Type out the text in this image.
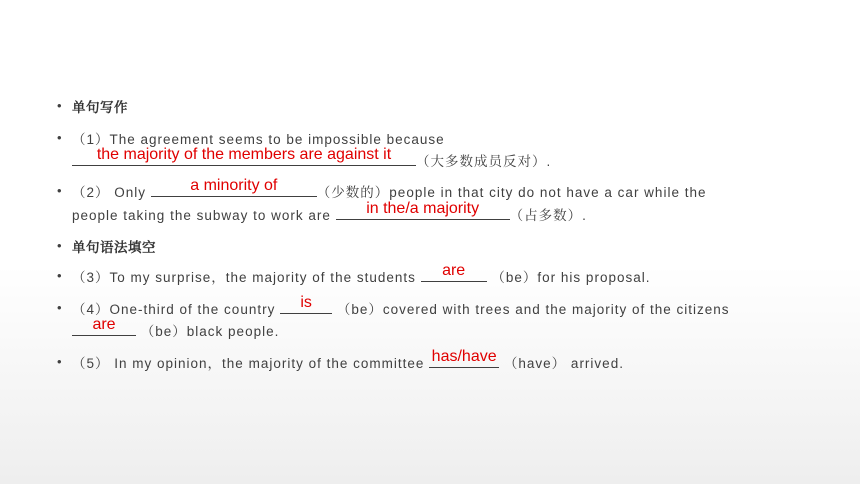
• 单句写作
• （1）The agreement seems to be impossible because
the majority of the members are against it	（大多数成员反对）.
• （2） Only	a minority of	（少数的）people in that city do not have a car while the
people taking the subway to work are	in the/a majority	（占多数）.
• 单句语法填空
• （3）To my surprise，the majority of the students	are	（be）for his proposal.
• （4）One-third of the country	is	（be）covered with trees and the majority of the citizens
are	（be）black people.
• （5） In my opinion，the majority of the committee has/have （have） arrived.
